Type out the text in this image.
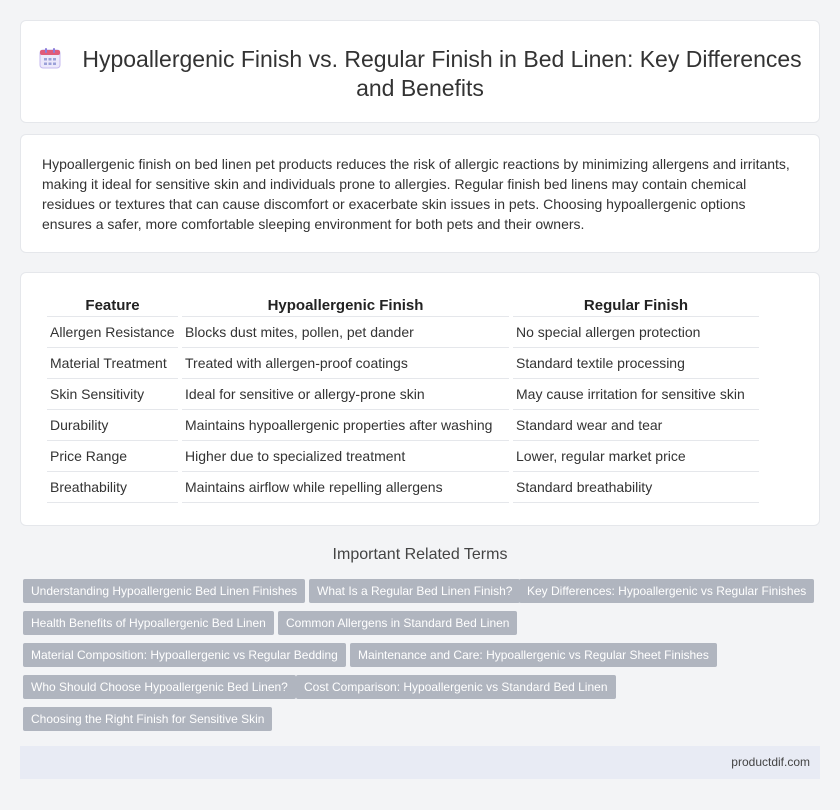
Hypoallergenic Finish vs. Regular Finish in Bed Linen: Key Differences and Benefits

Hypoallergenic finish on bed linen pet products reduces the risk of allergic reactions by minimizing allergens and irritants, making it ideal for sensitive skin and individuals prone to allergies. Regular finish bed linens may contain chemical residues or textures that can cause discomfort or exacerbate skin issues in pets. Choosing hypoallergenic options ensures a safer, more comfortable sleeping environment for both pets and their owners.

Feature	Hypoallergenic Finish	Regular Finish
Allergen Resistance	Blocks dust mites, pollen, pet dander	No special allergen protection
Material Treatment	Treated with allergen-proof coatings	Standard textile processing
Skin Sensitivity	Ideal for sensitive or allergy-prone skin	May cause irritation for sensitive skin
Durability	Maintains hypoallergenic properties after washing	Standard wear and tear
Price Range	Higher due to specialized treatment	Lower, regular market price
Breathability	Maintains airflow while repelling allergens	Standard breathability
Important Related Terms
Understanding Hypoallergenic Bed Linen Finishes	What Is a Regular Bed Linen Finish?	Key Differences: Hypoallergenic vs Regular Finishes
Health Benefits of Hypoallergenic Bed Linen	Common Allergens in Standard Bed Linen
Material Composition: Hypoallergenic vs Regular Bedding	Maintenance and Care: Hypoallergenic vs Regular Sheet Finishes
Who Should Choose Hypoallergenic Bed Linen?	Cost Comparison: Hypoallergenic vs Standard Bed Linen
Choosing the Right Finish for Sensitive Skin
productdif.com
